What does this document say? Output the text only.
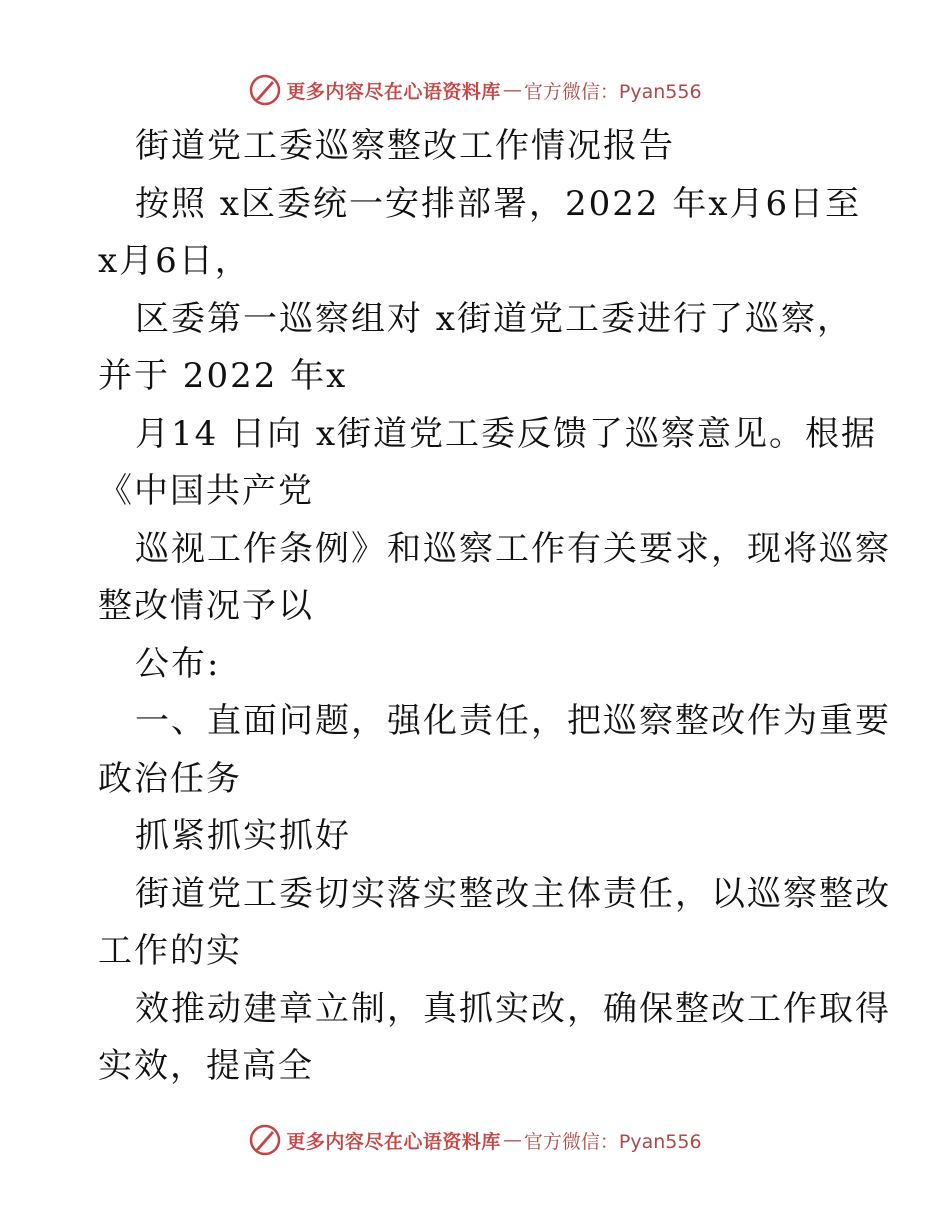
更多内容尽在心语资料库 — 官方微信：Pyan556
街道党工委巡察整改工作情况报告
按照 x区委统一安排部署，2022 年x月6日至
x月6日，
区委第一巡察组对 x街道党工委进行了巡察，
并于 2022 年x
月14 日向 x街道党工委反馈了巡察意见。根据
《中国共产党
巡视工作条例》和巡察工作有关要求，现将巡察
整改情况予以
公布:
一、直面问题，强化责任，把巡察整改作为重要
政治任务
抓紧抓实抓好
街道党工委切实落实整改主体责任，以巡察整改
工作的实
效推动建章立制，真抓实改，确保整改工作取得
实效，提高全
更多内容尽在心语资料库 — 官方微信：Pyan556
